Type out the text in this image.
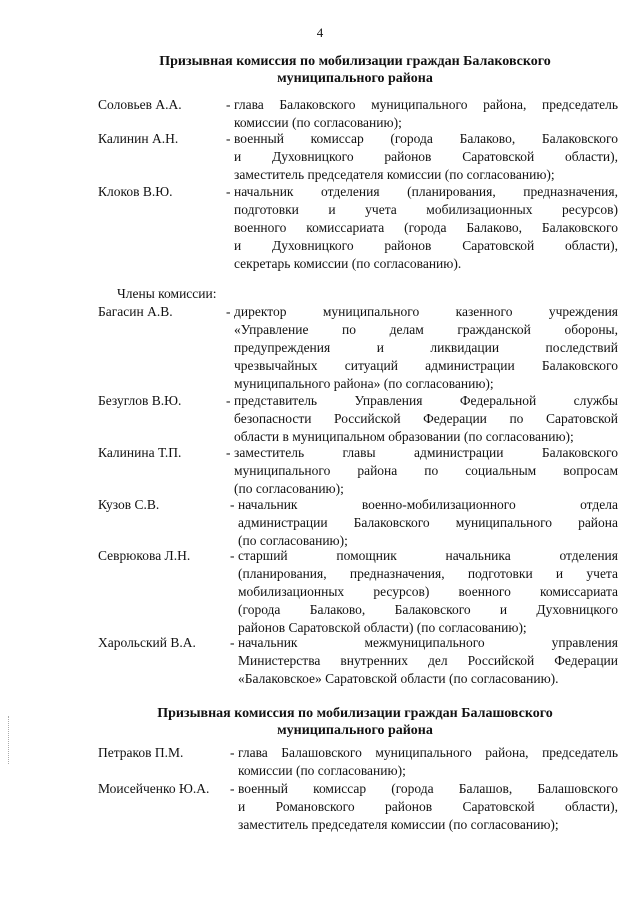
4
Призывная комиссия по мобилизации граждан Балаковского
муниципального района
Члены комиссии:
Призывная комиссия по мобилизации граждан Балашовского
муниципального района
Соловьев А.А.	- глава Балаковского муниципального района, председатель
комиссии (по согласованию);
Калинин А.Н.	- военный комиссар (города Балаково, Балаковского
и Духовницкого районов Саратовской области),
заместитель председателя комиссии (по согласованию);
Клоков В.Ю.	- начальник отделения (планирования, предназначения,
подготовки и учета мобилизационных ресурсов)
военного комиссариата (города Балаково, Балаковского
и Духовницкого районов Саратовской области),
секретарь комиссии (по согласованию).
Багасин А.В.	- директор муниципального казенного учреждения
«Управление по делам гражданской обороны,
предупреждения и ликвидации последствий
чрезвычайных ситуаций администрации Балаковского
муниципального района» (по согласованию);
Безуглов В.Ю.	- представитель Управления Федеральной службы
безопасности Российской Федерации по Саратовской
области в муниципальном образовании (по согласованию);
Калинина Т.П.	- заместитель главы администрации Балаковского
муниципального района по социальным вопросам
(по согласованию);
Кузов С.В.	- начальник военно-мобилизационного отдела
администрации Балаковского муниципального района
(по согласованию);
Севрюкова Л.Н.	- старший помощник начальника отделения
(планирования, предназначения, подготовки и учета
мобилизационных ресурсов) военного комиссариата
(города Балаково, Балаковского и Духовницкого
районов Саратовской области) (по согласованию);
Харольский В.А.	- начальник межмуниципального управления
Министерства внутренних дел Российской Федерации
«Балаковское» Саратовской области (по согласованию).
Петраков П.М.	- глава Балашовского муниципального района, председатель
комиссии (по согласованию);
Моисейченко Ю.А. - военный комиссар (города Балашов, Балашовского
и Романовского районов Саратовской области),
заместитель председателя комиссии (по согласованию);
